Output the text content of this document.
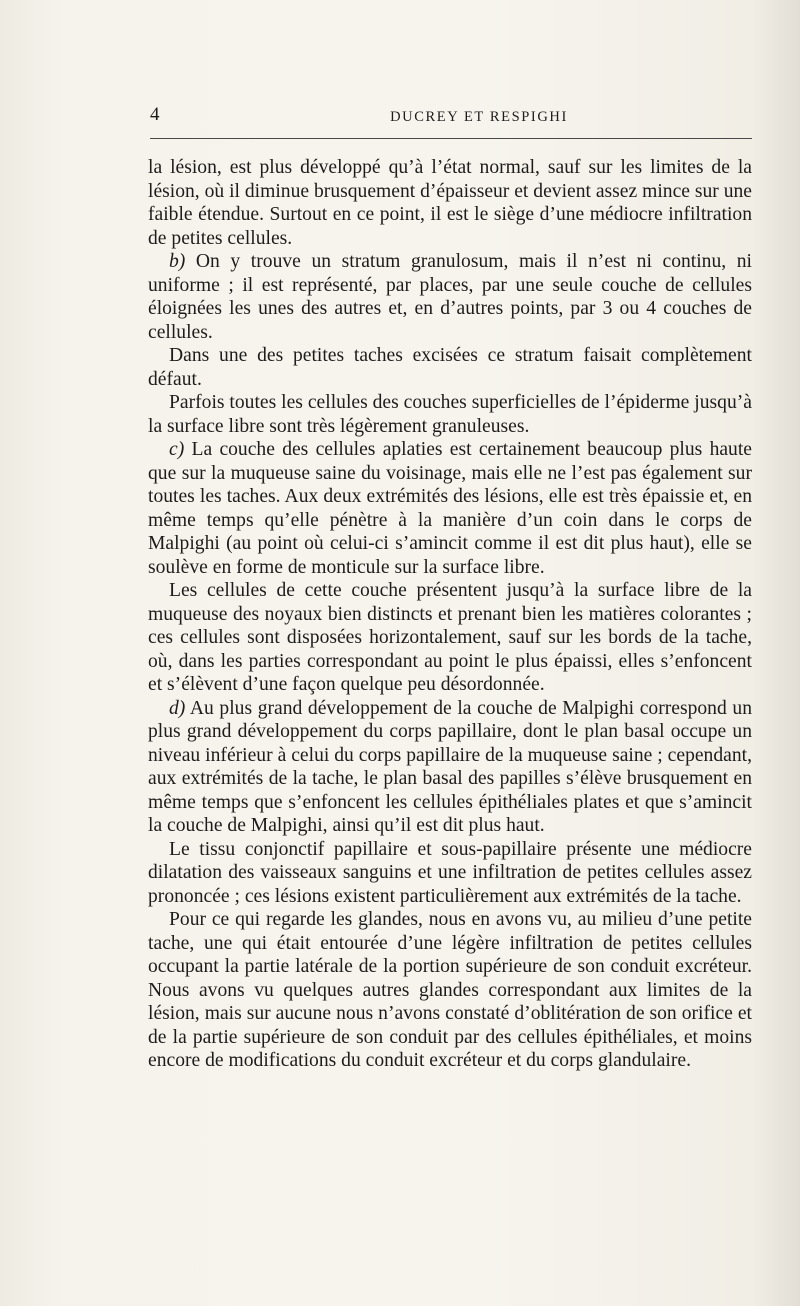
4	DUCREY ET RESPIGHI

la lésion, est plus développé qu’à l’état normal, sauf sur les limites de la lésion, où il diminue brusquement d’épaisseur et devient assez mince sur une faible étendue. Surtout en ce point, il est le siège d’une médiocre infiltration de petites cellules.

b) On y trouve un stratum granulosum, mais il n’est ni continu, ni uniforme ; il est représenté, par places, par une seule couche de cellules éloignées les unes des autres et, en d’autres points, par 3 ou 4 couches de cellules.

Dans une des petites taches excisées ce stratum faisait complètement défaut.

Parfois toutes les cellules des couches superficielles de l’épiderme jusqu’à la surface libre sont très légèrement granuleuses.

c) La couche des cellules aplaties est certainement beaucoup plus haute que sur la muqueuse saine du voisinage, mais elle ne l’est pas également sur toutes les taches. Aux deux extrémités des lésions, elle est très épaissie et, en même temps qu’elle pénètre à la manière d’un coin dans le corps de Malpighi (au point où celui-ci s’amincit comme il est dit plus haut), elle se soulève en forme de monticule sur la surface libre.

Les cellules de cette couche présentent jusqu’à la surface libre de la muqueuse des noyaux bien distincts et prenant bien les matières colorantes ; ces cellules sont disposées horizontalement, sauf sur les bords de la tache, où, dans les parties correspondant au point le plus épaissi, elles s’enfoncent et s’élèvent d’une façon quelque peu désordonnée.

d) Au plus grand développement de la couche de Malpighi correspond un plus grand développement du corps papillaire, dont le plan basal occupe un niveau inférieur à celui du corps papillaire de la muqueuse saine ; cependant, aux extrémités de la tache, le plan basal des papilles s’élève brusquement en même temps que s’enfoncent les cellules épithéliales plates et que s’amincit la couche de Malpighi, ainsi qu’il est dit plus haut.

Le tissu conjonctif papillaire et sous-papillaire présente une médiocre dilatation des vaisseaux sanguins et une infiltration de petites cellules assez prononcée ; ces lésions existent particulièrement aux extrémités de la tache.

Pour ce qui regarde les glandes, nous en avons vu, au milieu d’une petite tache, une qui était entourée d’une légère infiltration de petites cellules occupant la partie latérale de la portion supérieure de son conduit excréteur. Nous avons vu quelques autres glandes correspondant aux limites de la lésion, mais sur aucune nous n’avons constaté d’oblitération de son orifice et de la partie supérieure de son conduit par des cellules épithéliales, et moins encore de modifications du conduit excréteur et du corps glandulaire.
